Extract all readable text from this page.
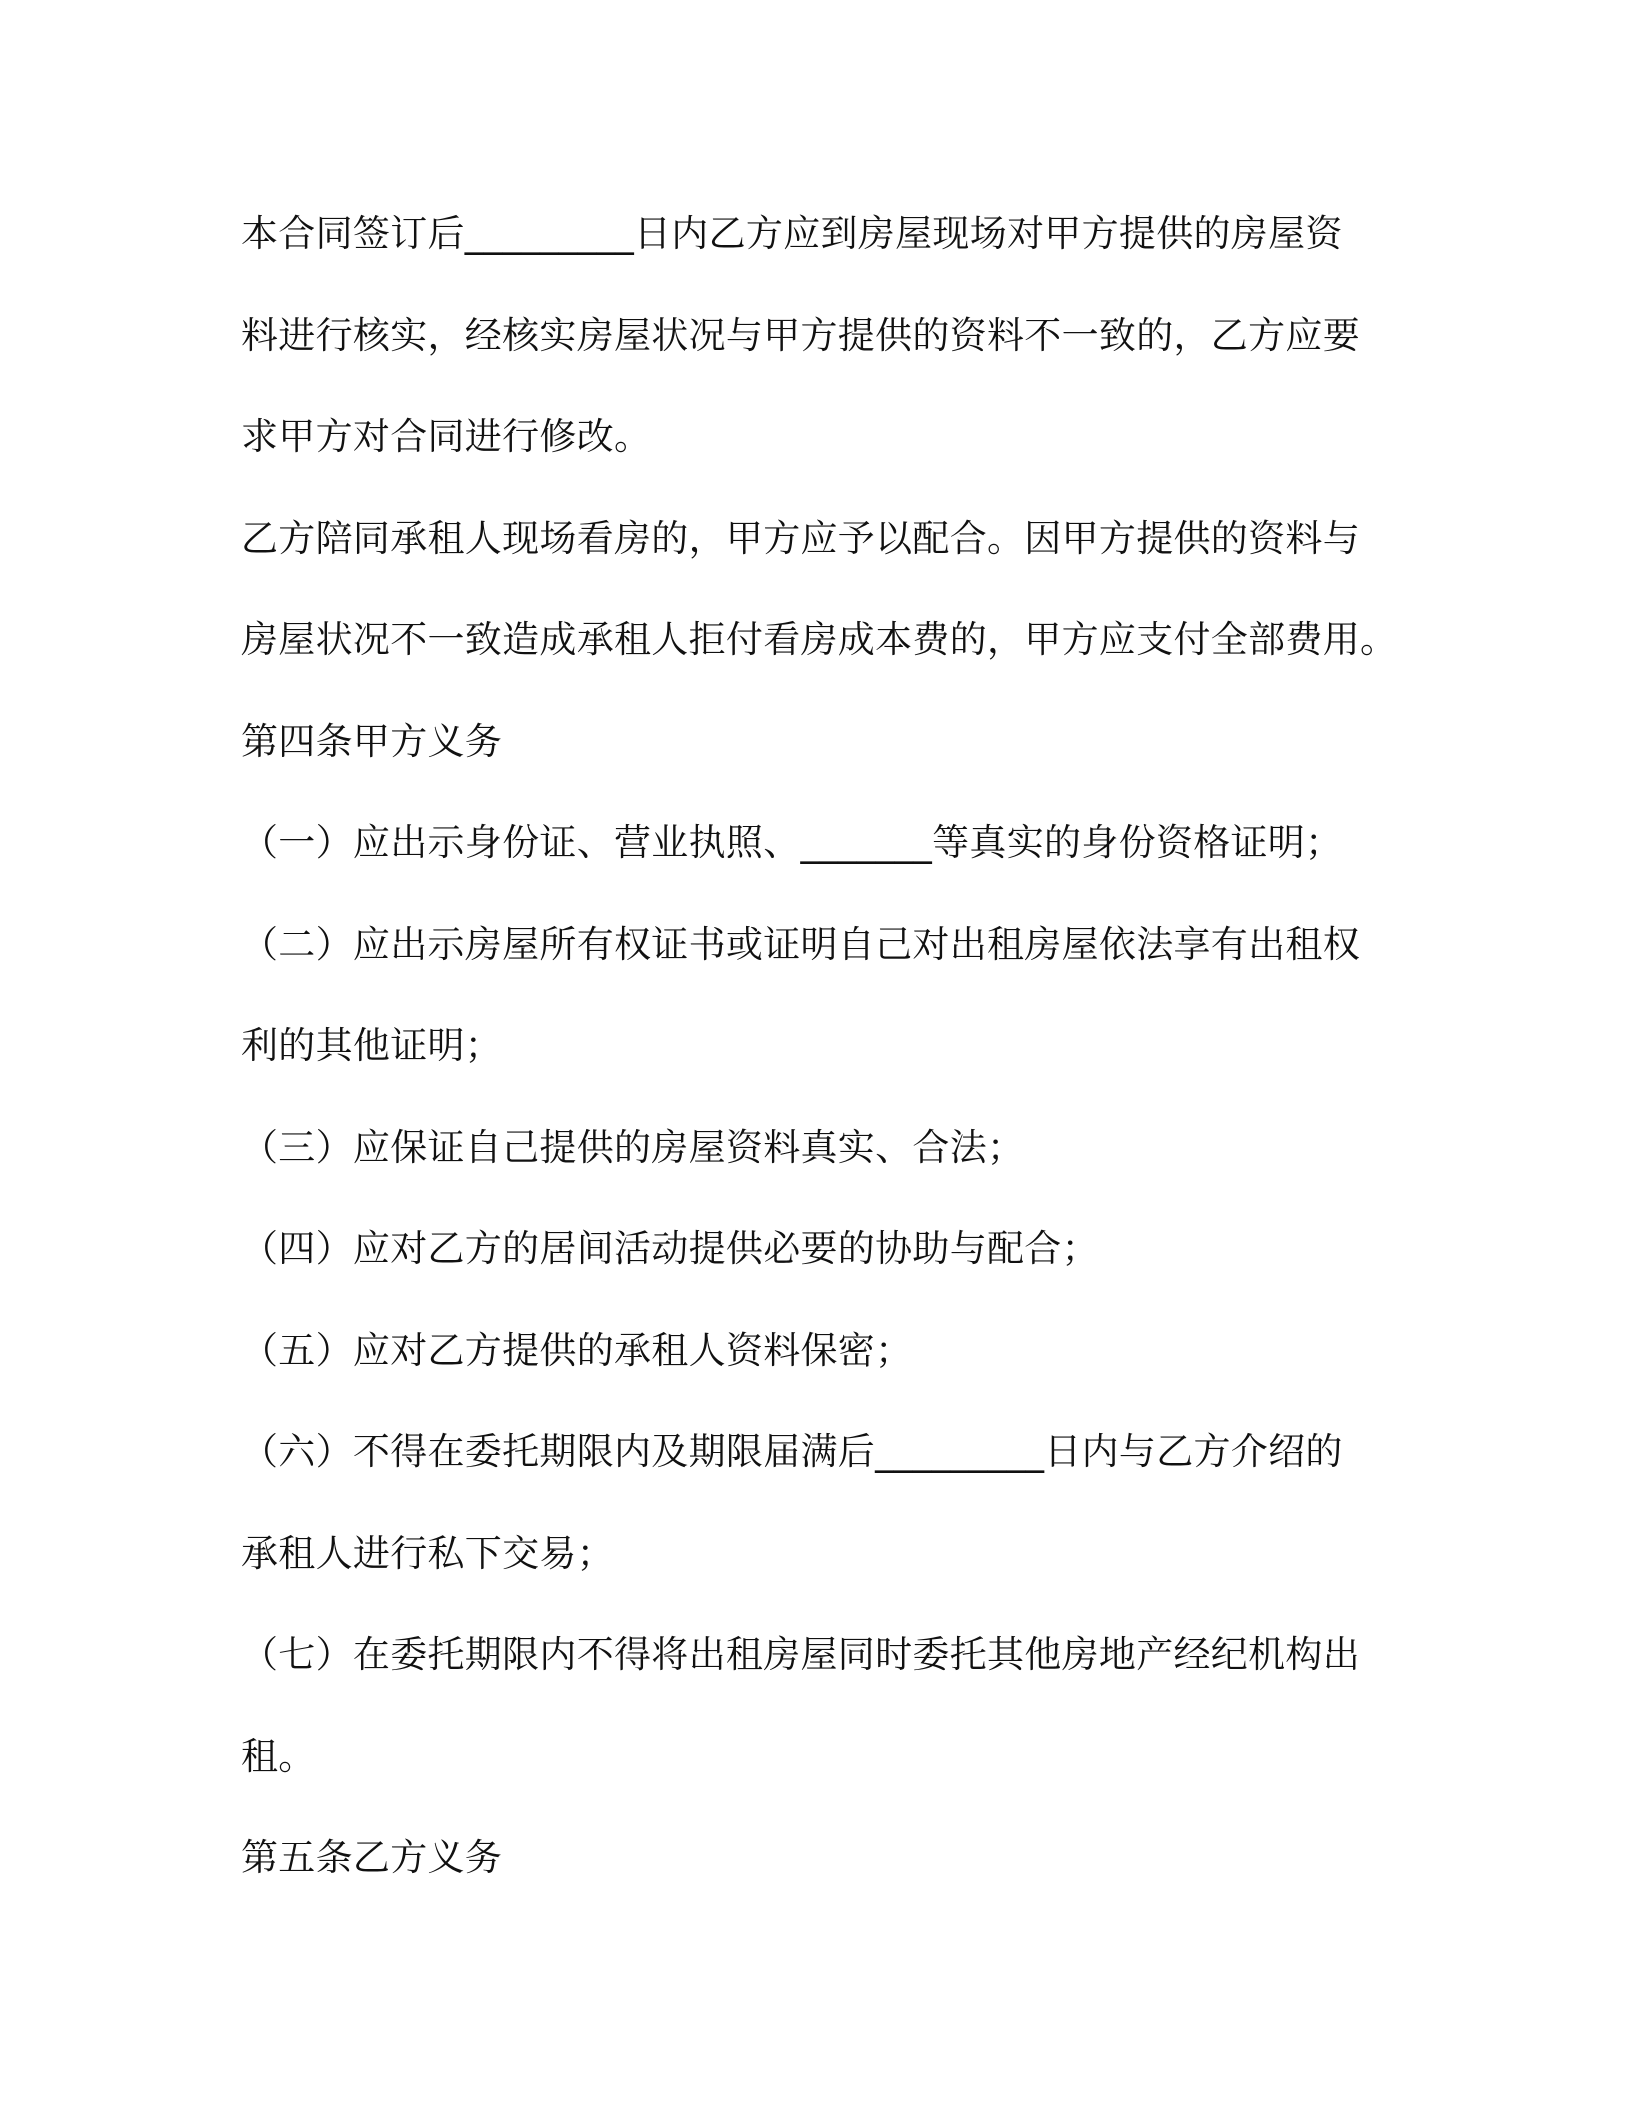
本合同签订后_________日内乙方应到房屋现场对甲方提供的房屋资
料进行核实，经核实房屋状况与甲方提供的资料不一致的，乙方应要
求甲方对合同进行修改。
乙方陪同承租人现场看房的，甲方应予以配合。因甲方提供的资料与
房屋状况不一致造成承租人拒付看房成本费的，甲方应支付全部费用。
第四条甲方义务
（一）应出示身份证、营业执照、_______等真实的身份资格证明；
（二）应出示房屋所有权证书或证明自己对出租房屋依法享有出租权
利的其他证明；
（三）应保证自己提供的房屋资料真实、合法；
（四）应对乙方的居间活动提供必要的协助与配合；
（五）应对乙方提供的承租人资料保密；
（六）不得在委托期限内及期限届满后_________日内与乙方介绍的
承租人进行私下交易；
（七）在委托期限内不得将出租房屋同时委托其他房地产经纪机构出
租。
第五条乙方义务
